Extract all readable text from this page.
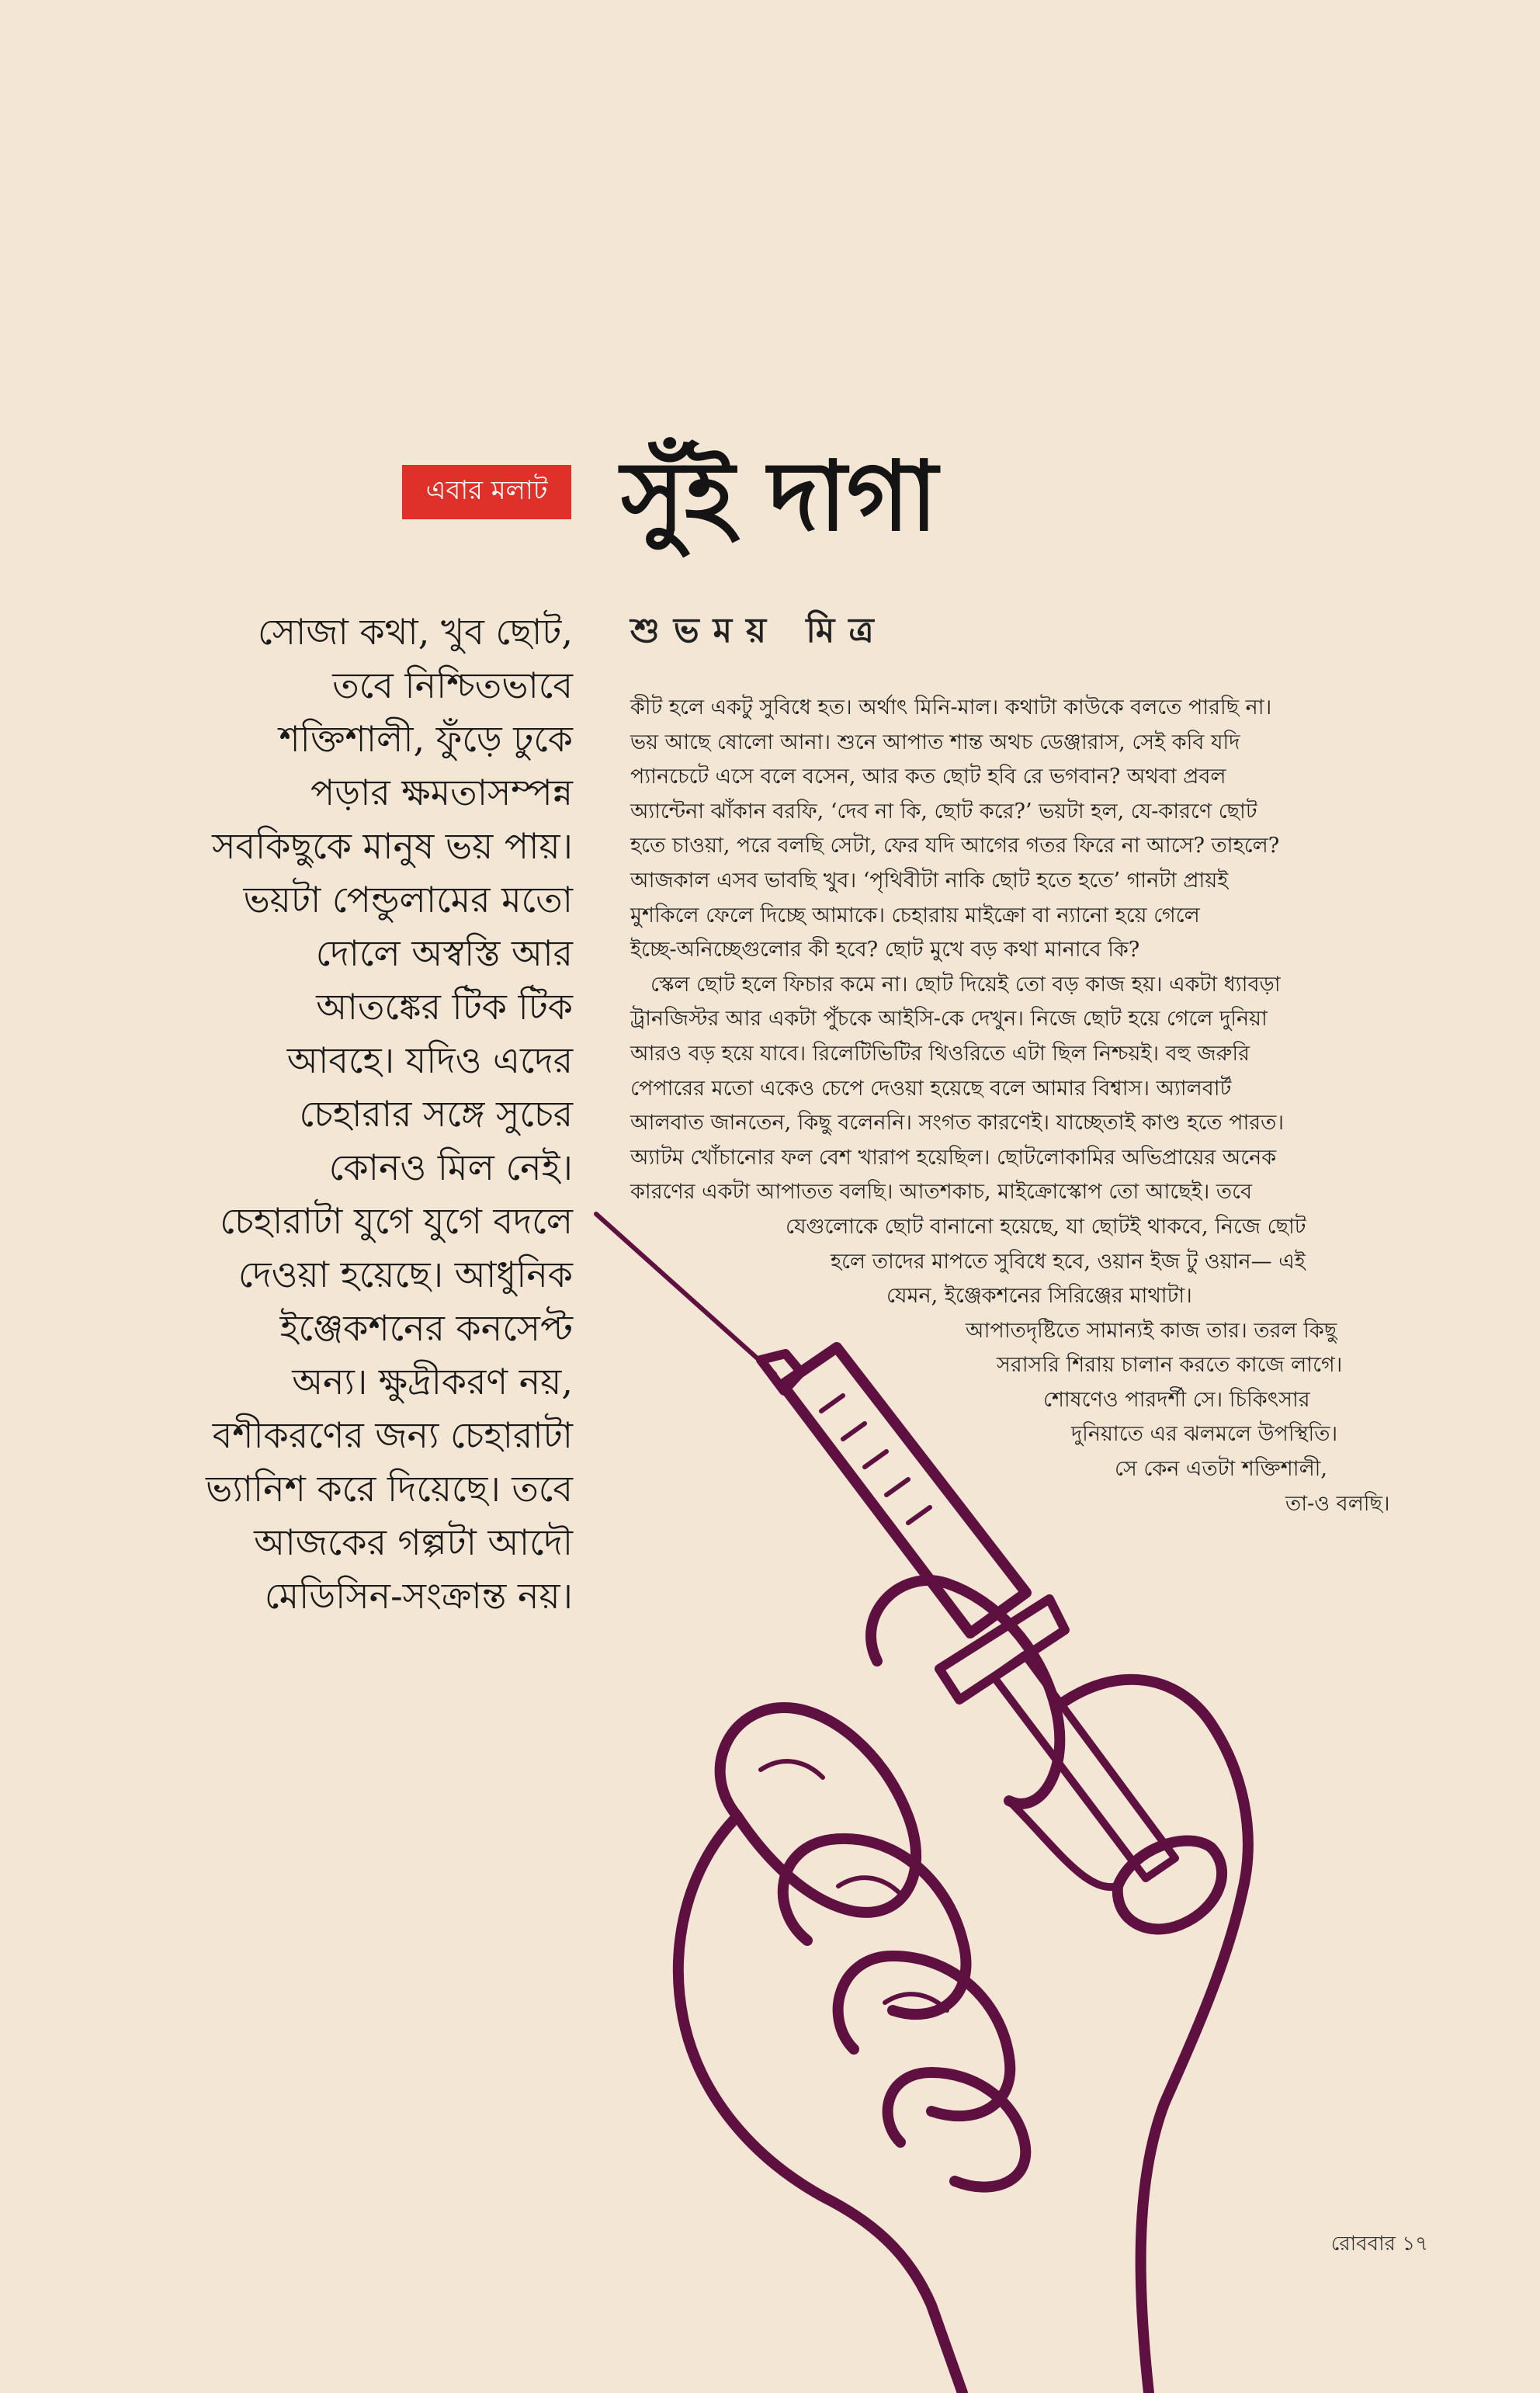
এবার মলাট সুঁই দাগা
শুভময় মিত্র
সোজা কথা, খুব ছোট,
তবে নিশ্চিতভাবে
শক্তিশালী, ফুঁড়ে ঢুকে
পড়ার ক্ষমতাসম্পন্ন
সবকিছুকে মানুষ ভয় পায়।
ভয়টা পেন্ডুলামের মতো
দোলে অস্বস্তি আর
আতঙ্কের টিক টিক
আবহে। যদিও এদের
চেহারার সঙ্গে সুচের
কোনও মিল নেই।
চেহারাটা যুগে যুগে বদলে
দেওয়া হয়েছে। আধুনিক
ইঞ্জেকশনের কনসেপ্ট
অন্য। ক্ষুদ্রীকরণ নয়,
বশীকরণের জন্য চেহারাটা
ভ্যানিশ করে দিয়েছে। তবে
আজকের গল্পটা আদৌ
মেডিসিন-সংক্রান্ত নয়।
কীট হলে একটু সুবিধে হত। অর্থাৎ মিনি-মাল। কথাটা কাউকে বলতে পারছি না।
ভয় আছে ষোলো আনা। শুনে আপাত শান্ত অথচ ডেঞ্জারাস, সেই কবি যদি
প্যানচেটে এসে বলে বসেন, আর কত ছোট হবি রে ভগবান? অথবা প্রবল
অ্যান্টেনা ঝাঁকান বরফি, ‘দেব না কি, ছোট করে?’ ভয়টা হল, যে-কারণে ছোট
হতে চাওয়া, পরে বলছি সেটা, ফের যদি আগের গতর ফিরে না আসে? তাহলে?
আজকাল এসব ভাবছি খুব। ‘পৃথিবীটা নাকি ছোট হতে হতে’ গানটা প্রায়ই
মুশকিলে ফেলে দিচ্ছে আমাকে। চেহারায় মাইক্রো বা ন্যানো হয়ে গেলে
ইচ্ছে-অনিচ্ছেগুলোর কী হবে? ছোট মুখে বড় কথা মানাবে কি?
স্কেল ছোট হলে ফিচার কমে না। ছোট দিয়েই তো বড় কাজ হয়। একটা ধ্যাবড়া
ট্রানজিস্টর আর একটা পুঁচকে আইসি-কে দেখুন। নিজে ছোট হয়ে গেলে দুনিয়া
আরও বড় হয়ে যাবে। রিলেটিভিটির থিওরিতে এটা ছিল নিশ্চয়ই। বহু জরুরি
পেপারের মতো একেও চেপে দেওয়া হয়েছে বলে আমার বিশ্বাস। অ্যালবার্ট
আলবাত জানতেন, কিছু বলেননি। সংগত কারণেই। যাচ্ছেতাই কাণ্ড হতে পারত।
অ্যাটম খোঁচানোর ফল বেশ খারাপ হয়েছিল। ছোটলোকামির অভিপ্রায়ের অনেক
কারণের একটা আপাতত বলছি। আতশকাচ, মাইক্রোস্কোপ তো আছেই। তবে
যেগুলোকে ছোট বানানো হয়েছে, যা ছোটই থাকবে, নিজে ছোট
হলে তাদের মাপতে সুবিধে হবে, ওয়ান ইজ টু ওয়ান— এই
যেমন, ইঞ্জেকশনের সিরিঞ্জের মাথাটা।
আপাতদৃষ্টিতে সামান্যই কাজ তার। তরল কিছু
সরাসরি শিরায় চালান করতে কাজে লাগে।
শোষণেও পারদর্শী সে। চিকিৎসার
দুনিয়াতে এর ঝলমলে উপস্থিতি।
সে কেন এতটা শক্তিশালী,
তা-ও বলছি।
রোববার ১৭
